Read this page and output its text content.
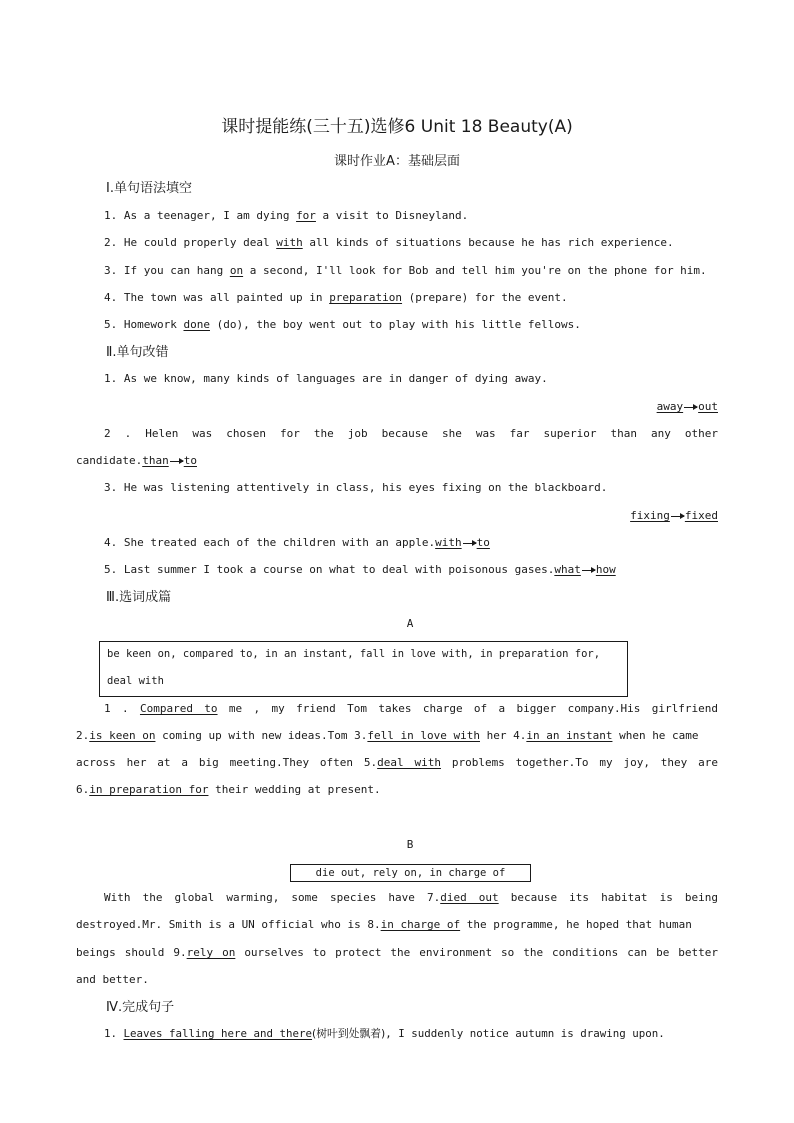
课时提能练(三十五)选修6 Unit 18 Beauty(A)
课时作业A：基础层面
Ⅰ.单句语法填空
1. As a teenager, I am dying for a visit to Disneyland.
2. He could properly deal with all kinds of situations because he has rich experience.
3. If you can hang on a second, I'll look for Bob and tell him you're on the phone for him.
4. The town was all painted up in preparation (prepare) for the event.
5. Homework done (do), the boy went out to play with his little fellows.
Ⅱ.单句改错
1. As we know, many kinds of languages are in danger of dying away.
away out
2 . Helen was chosen for the job because she was far superior than any other
candidate.than to
3. He was listening attentively in class, his eyes fixing on the blackboard.
fixing fixed
4. She treated each of the children with an apple.with to
5. Last summer I took a course on what to deal with poisonous gases.what how
Ⅲ.选词成篇
A
be keen on, compared to, in an instant, fall in love with, in preparation for,
deal with
1 . Compared to me , my friend Tom takes charge of a bigger company.His girlfriend
2.is keen on coming up with new ideas.Tom 3.fell in love with her 4.in an instant when he came
across her at a big meeting.They often 5.deal with problems together.To my joy, they are
6.in preparation for their wedding at present.
B
die out, rely on, in charge of
With the global warming, some species have 7.died out because its habitat is being
destroyed.Mr. Smith is a UN official who is 8.in charge of the programme, he hoped that human
beings should 9.rely on ourselves to protect the environment so the conditions can be better
and better.
Ⅳ.完成句子
1. Leaves falling here and there(树叶到处飘着), I suddenly notice autumn is drawing upon.
